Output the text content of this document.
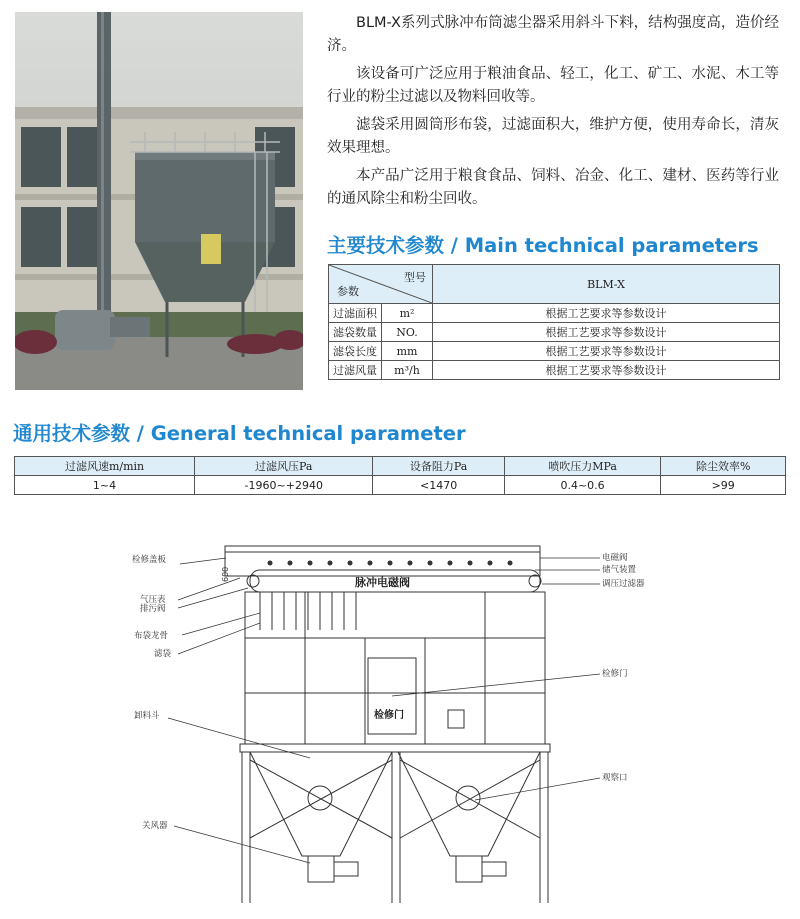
BLM-X系列式脉冲布筒滤尘器采用斜斗下料，结构强度高，造价经济。

该设备可广泛应用于粮油食品、轻工，化工、矿工、水泥、木工等行业的粉尘过滤以及物料回收等。

滤袋采用圆筒形布袋，过滤面积大，维护方便，使用寿命长，清灰效果理想。

本产品广泛用于粮食食品、饲料、冶金、化工、建材、医药等行业的通风除尘和粉尘回收。

主要技术参数 / Main technical parameters
型号
参数		BLM-X
过滤面积	m²	根据工艺要求等参数设计
滤袋数量	NO.	根据工艺要求等参数设计
滤袋长度	mm	根据工艺要求等参数设计
过滤风量	m³/h	根据工艺要求等参数设计
通用技术参数 / General technical parameter
过滤风速m/min	过滤风压Pa	设备阻力Pa	喷吹压力MPa	除尘效率%
1~4	-1960~+2940	<1470	0.4~0.6	>99
检修盖板
气压表
排污阀
布袋龙骨
滤袋
卸料斗
关风器
电磁阀
储气装置
调压过滤器
检修门
观察口
脉冲电磁阀
检修门
600
